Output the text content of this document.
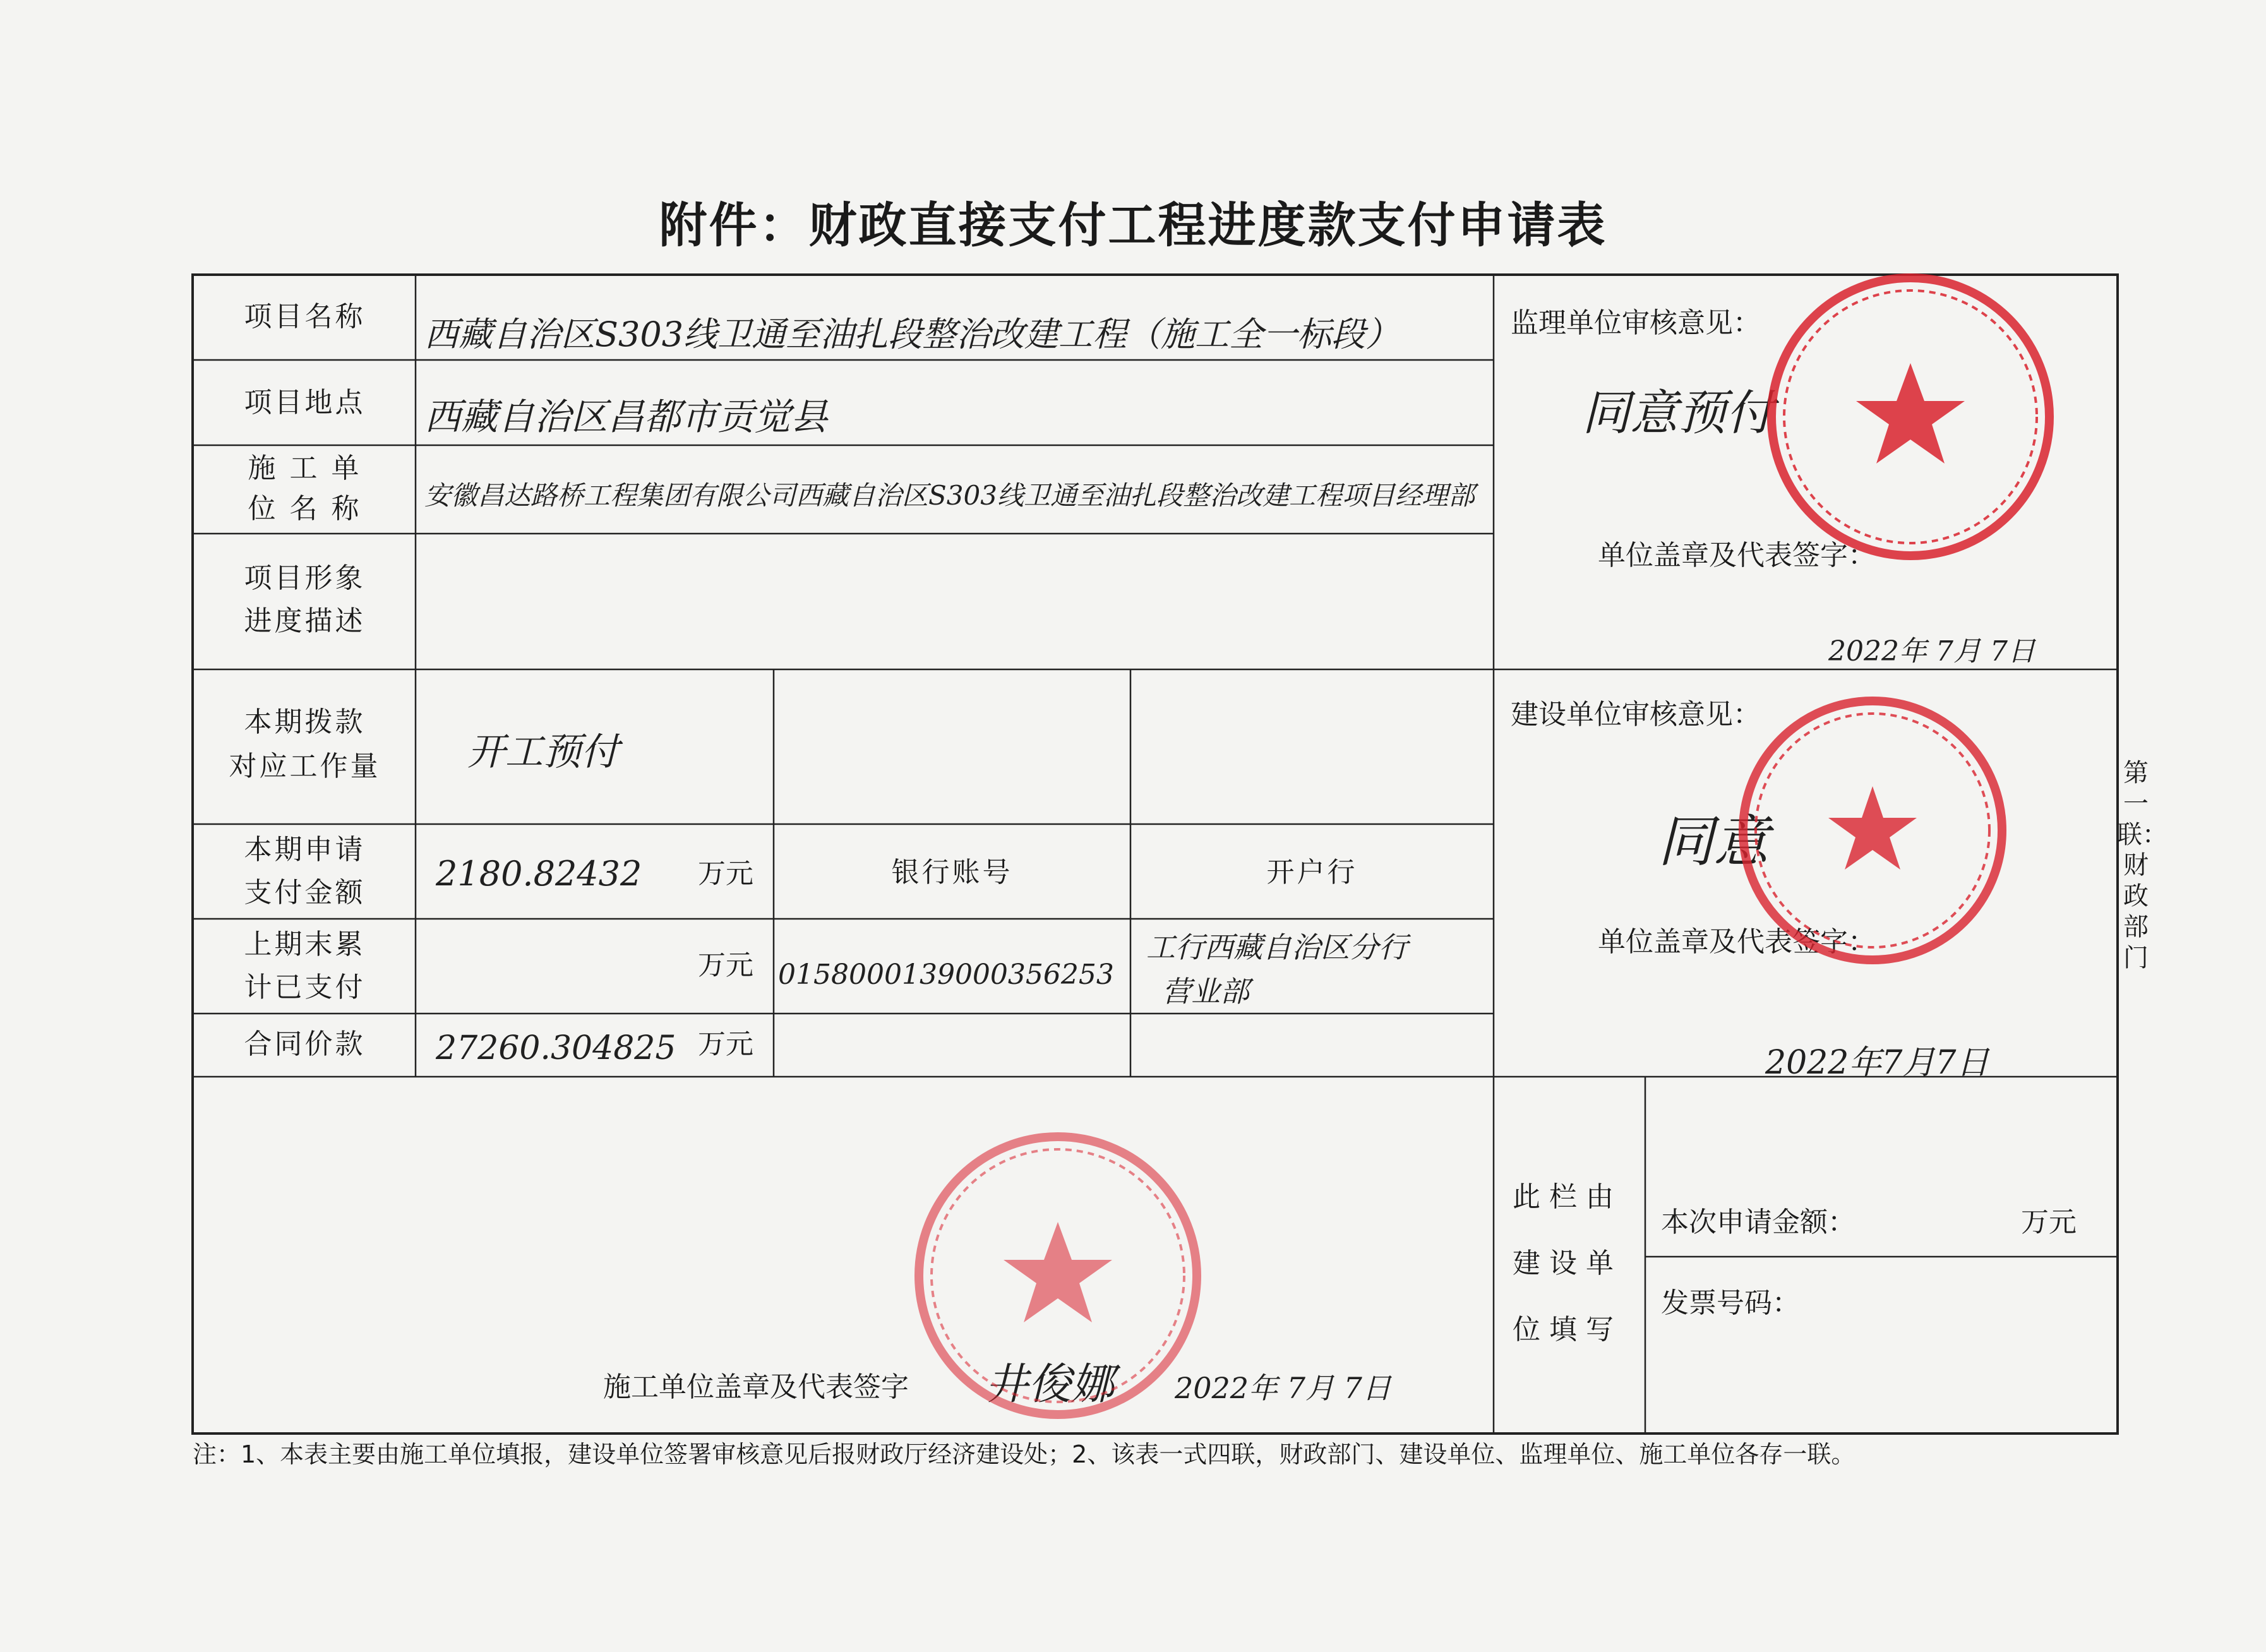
附件：财政直接支付工程进度款支付申请表
项目名称
项目地点
施 工 单
位 名 称
项目形象
进度描述
本期拨款
对应工作量
本期申请
支付金额
上期末累
计已支付
合同价款
西藏自治区S303线卫通至油扎段整治改建工程（施工全一标段）
西藏自治区昌都市贡觉县
安徽昌达路桥工程集团有限公司西藏自治区S303线卫通至油扎段整治改建工程项目经理部
开工预付
2180.82432 万元
万元
27260.304825 万元
银行账号	开户行
0158000139000356253
工行西藏自治区分行
营业部
监理单位审核意见：
同意预付
单位盖章及代表签字：
2022年 7月 7日
建设单位审核意见：
同意
单位盖章及代表签字：
2022年7月7日
此栏由
建设单
位填写
本次申请金额：	万元
发票号码：
施工单位盖章及代表签字 井俊娜 2022年 7月 7日
第一联：财政部门
注：1、本表主要由施工单位填报，建设单位签署审核意见后报财政厅经济建设处；2、该表一式四联，财政部门、建设单位、监理单位、施工单位各存一联。
